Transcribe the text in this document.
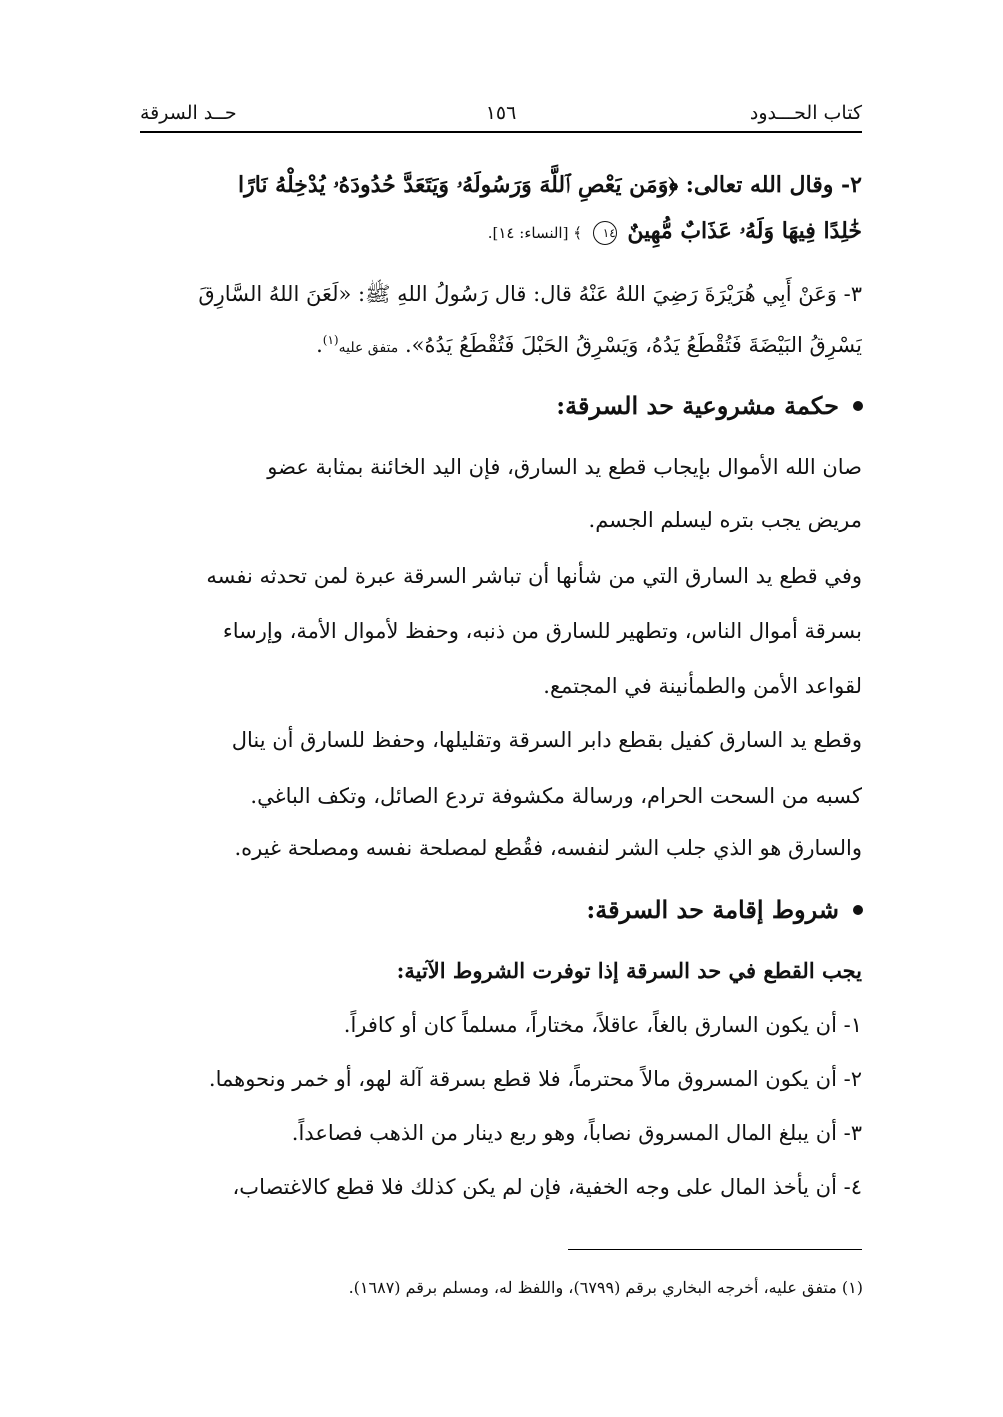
كتاب الحـــدود
١٥٦
حــد السرقة
٢- وقال الله تعالى: ﴿وَمَن يَعْصِ ٱللَّهَ وَرَسُولَهُۥ وَيَتَعَدَّ حُدُودَهُۥ يُدْخِلْهُ نَارًا
خَٰلِدًا فِيهَا وَلَهُۥ عَذَابٌ مُّهِينٌ ١٤ ﴾ [النساء: ١٤].
٣- وَعَنْ أَبِي هُرَيْرَةَ رَضِيَ اللهُ عَنْهُ قال: قال رَسُولُ اللهِ ﷺ: «لَعَنَ اللهُ السَّارِقَ
يَسْرِقُ البَيْضَةَ فَتُقْطَعُ يَدُهُ، وَيَسْرِقُ الحَبْلَ فَتُقْطَعُ يَدُهُ». متفق عليه$^{(١)}$.
حكمة مشروعية حد السرقة:
صان الله الأموال بإيجاب قطع يد السارق، فإن اليد الخائنة بمثابة عضو
مريض يجب بتره ليسلم الجسم.
وفي قطع يد السارق التي من شأنها أن تباشر السرقة عبرة لمن تحدثه نفسه
بسرقة أموال الناس، وتطهير للسارق من ذنبه، وحفظ لأموال الأمة، وإرساء
لقواعد الأمن والطمأنينة في المجتمع.
وقطع يد السارق كفيل بقطع دابر السرقة وتقليلها، وحفظ للسارق أن ينال
كسبه من السحت الحرام، ورسالة مكشوفة تردع الصائل، وتكف الباغي.
والسارق هو الذي جلب الشر لنفسه، فقُطع لمصلحة نفسه ومصلحة غيره.
شروط إقامة حد السرقة:
يجب القطع في حد السرقة إذا توفرت الشروط الآتية:
١- أن يكون السارق بالغاً، عاقلاً، مختاراً، مسلماً كان أو كافراً.
٢- أن يكون المسروق مالاً محترماً، فلا قطع بسرقة آلة لهو، أو خمر ونحوهما.
٣- أن يبلغ المال المسروق نصاباً، وهو ربع دينار من الذهب فصاعداً.
٤- أن يأخذ المال على وجه الخفية، فإن لم يكن كذلك فلا قطع كالاغتصاب،
(١) متفق عليه، أخرجه البخاري برقم (٦٧٩٩)، واللفظ له، ومسلم برقم (١٦٨٧).
